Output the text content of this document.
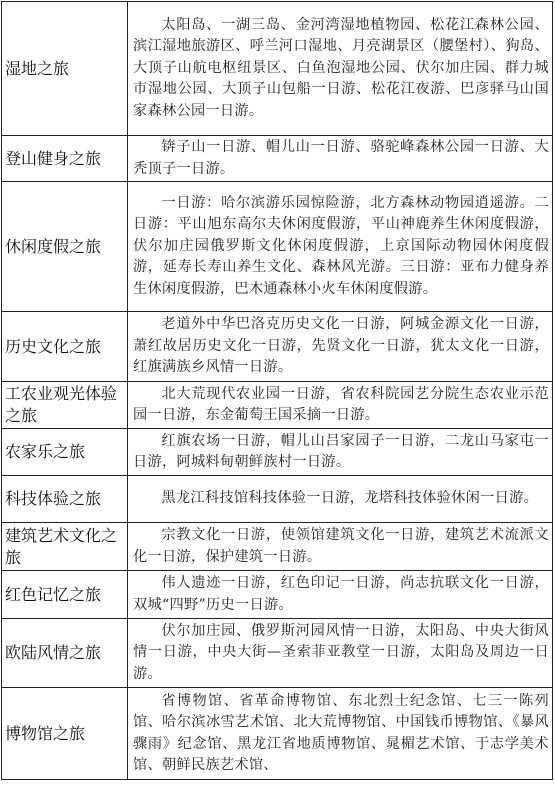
湿地之旅	太阳岛、一湖三岛、金河湾湿地植物园、松花江森林公园、滨江湿地旅游区、呼兰河口湿地、月亮湖景区（腰堡村）、狗岛、大顶子山航电枢纽景区、白鱼泡湿地公园、伏尔加庄园、群力城市湿地公园、大顶子山包船一日游、松花江夜游、巴彦驿马山国家森林公园一日游。
登山健身之旅	锛子山一日游、帽儿山一日游、骆驼峰森林公园一日游、大秃顶子一日游。
休闲度假之旅	一日游：哈尔滨游乐园惊险游，北方森林动物园逍遥游。二日游：平山旭东高尔夫休闲度假游，平山神鹿养生休闲度假游，伏尔加庄园俄罗斯文化休闲度假游，上京国际动物园休闲度假游，延寿长寿山养生文化、森林风光游。三日游：亚布力健身养生休闲度假游，巴木通森林小火车休闲度假游。
历史文化之旅	老道外中华巴洛克历史文化一日游，阿城金源文化一日游，萧红故居历史文化一日游，先贤文化一日游，犹太文化一日游，红旗满族乡风情一日游。
工农业观光体验之旅	北大荒现代农业园一日游，省农科院园艺分院生态农业示范园一日游，东金葡萄王国采摘一日游。
农家乐之旅	红旗农场一日游，帽儿山吕家园子一日游，二龙山马家屯一日游，阿城料甸朝鲜族村一日游。
科技体验之旅	黑龙江科技馆科技体验一日游，龙塔科技体验休闲一日游。
建筑艺术文化之旅	宗教文化一日游，使领馆建筑文化一日游，建筑艺术流派文化一日游，保护建筑一日游。
红色记忆之旅	伟人遗迹一日游，红色印记一日游，尚志抗联文化一日游，双城“四野”历史一日游。
欧陆风情之旅	伏尔加庄园、俄罗斯河园风情一日游，太阳岛、中央大街风情一日游，中央大街—圣索菲亚教堂一日游，太阳岛及周边一日游。
博物馆之旅	省博物馆、省革命博物馆、东北烈士纪念馆、七三一陈列馆、哈尔滨冰雪艺术馆、北大荒博物馆、中国钱币博物馆、《暴风骤雨》纪念馆、黑龙江省地质博物馆、晁楣艺术馆、于志学美术馆、朝鲜民族艺术馆、
